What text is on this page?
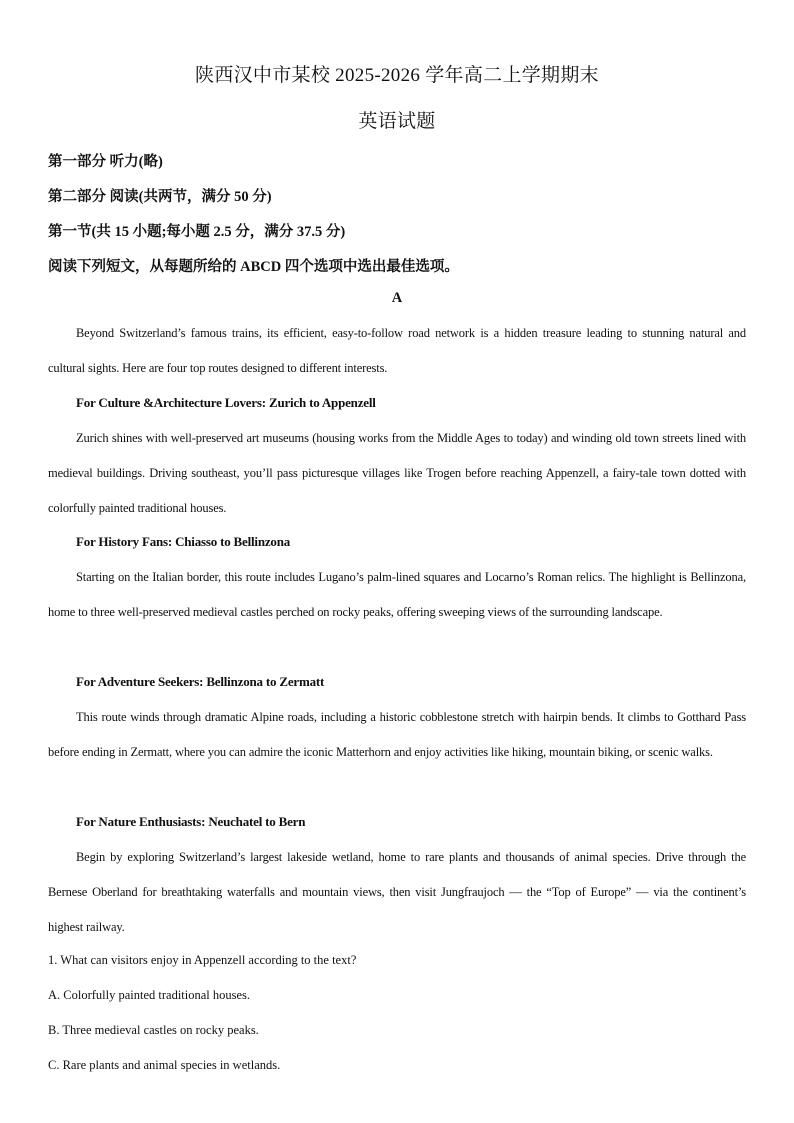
陕西汉中市某校 2025-2026 学年高二上学期期末
英语试题
第一部分 听力(略)
第二部分 阅读(共两节，满分 50 分)
第一节(共 15 小题;每小题 2.5 分，满分 37.5 分)
阅读下列短文，从每题所给的 ABCD 四个选项中选出最佳选项。
A
Beyond Switzerland’s famous trains, its efficient, easy-to-follow road network is a hidden treasure leading to stunning natural and cultural sights. Here are four top routes designed to different interests.
For Culture &Architecture Lovers: Zurich to Appenzell
Zurich shines with well-preserved art museums (housing works from the Middle Ages to today) and winding old town streets lined with medieval buildings. Driving southeast, you’ll pass picturesque villages like Trogen before reaching Appenzell, a fairy-tale town dotted with colorfully painted traditional houses.
For History Fans: Chiasso to Bellinzona
Starting on the Italian border, this route includes Lugano’s palm-lined squares and Locarno’s Roman relics. The highlight is Bellinzona, home to three well-preserved medieval castles perched on rocky peaks, offering sweeping views of the surrounding landscape.
For Adventure Seekers: Bellinzona to Zermatt
This route winds through dramatic Alpine roads, including a historic cobblestone stretch with hairpin bends. It climbs to Gotthard Pass before ending in Zermatt, where you can admire the iconic Matterhorn and enjoy activities like hiking, mountain biking, or scenic walks.
For Nature Enthusiasts: Neuchatel to Bern
Begin by exploring Switzerland’s largest lakeside wetland, home to rare plants and thousands of animal species. Drive through the Bernese Oberland for breathtaking waterfalls and mountain views, then visit Jungfraujoch — the “Top of Europe” — via the continent’s highest railway.
1. What can visitors enjoy in Appenzell according to the text?
A. Colorfully painted traditional houses.
B. Three medieval castles on rocky peaks.
C. Rare plants and animal species in wetlands.
